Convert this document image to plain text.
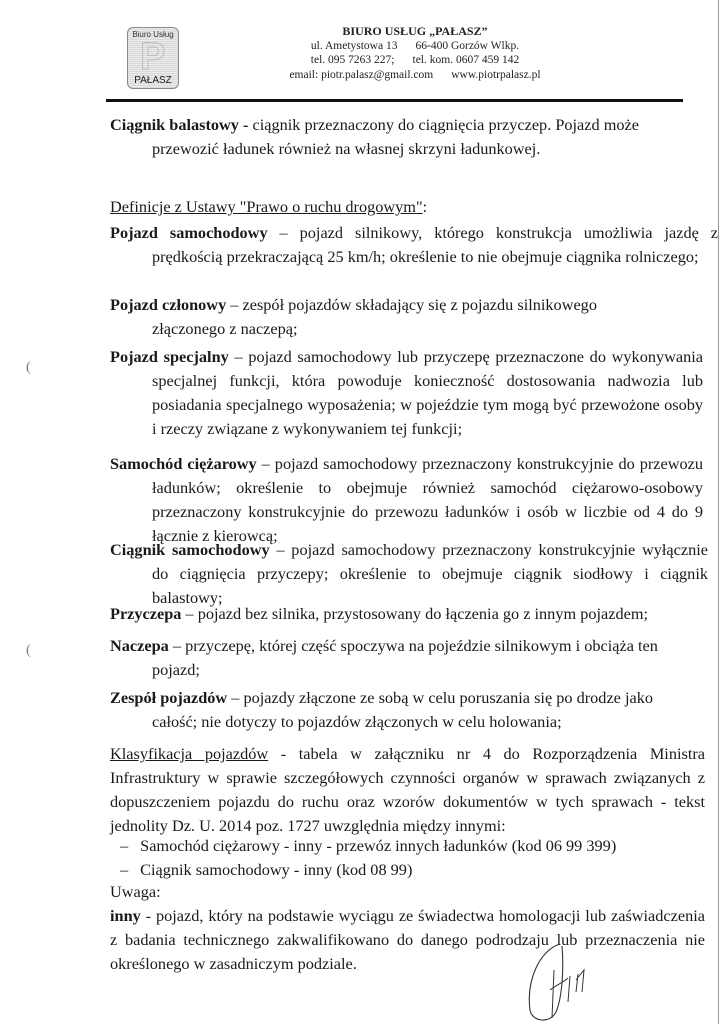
(
(
Biuro Usług
P
PAŁASZ
BIURO USŁUG „PAŁASZ”
ul. Ametystowa 13 66-400 Gorzów Wlkp.
tel. 095 7263 227; tel. kom. 0607 459 142
email: piotr.palasz@gmail.com www.piotrpalasz.pl

Ciągnik balastowy - ciągnik przeznaczony do ciągnięcia przyczep. Pojazd może przewozić ładunek również na własnej skrzyni ładunkowej.

Definicje z Ustawy "Prawo o ruchu drogowym":

Pojazd samochodowy – pojazd silnikowy, którego konstrukcja umożliwia jazdę z prędkością przekraczającą 25 km/h; określenie to nie obejmuje ciągnika rolniczego;

Pojazd członowy – zespół pojazdów składający się z pojazdu silnikowego złączonego z naczepą;

Pojazd specjalny – pojazd samochodowy lub przyczepę przeznaczone do wykonywania specjalnej funkcji, która powoduje konieczność dostosowania nadwozia lub posiadania specjalnego wyposażenia; w pojeździe tym mogą być przewożone osoby i rzeczy związane z wykonywaniem tej funkcji;

Samochód ciężarowy – pojazd samochodowy przeznaczony konstrukcyjnie do przewozu ładunków; określenie to obejmuje również samochód ciężarowo-osobowy przeznaczony konstrukcyjnie do przewozu ładunków i osób w liczbie od 4 do 9 łącznie z kierowcą;

Ciągnik samochodowy – pojazd samochodowy przeznaczony konstrukcyjnie wyłącznie do ciągnięcia przyczepy; określenie to obejmuje ciągnik siodłowy i ciągnik balastowy;

Przyczepa – pojazd bez silnika, przystosowany do łączenia go z innym pojazdem;

Naczepa – przyczepę, której część spoczywa na pojeździe silnikowym i obciąża ten pojazd;

Zespół pojazdów – pojazdy złączone ze sobą w celu poruszania się po drodze jako całość; nie dotyczy to pojazdów złączonych w celu holowania;

Klasyfikacja pojazdów - tabela w załączniku nr 4 do Rozporządzenia Ministra Infrastruktury w sprawie szczegółowych czynności organów w sprawach związanych z dopuszczeniem pojazdu do ruchu oraz wzorów dokumentów w tych sprawach - tekst jednolity Dz. U. 2014 poz. 1727 uwzględnia między innymi:

– Samochód ciężarowy - inny - przewóz innych ładunków (kod 06 99 399)
– Ciągnik samochodowy - inny (kod 08 99)

Uwaga:

inny - pojazd, który na podstawie wyciągu ze świadectwa homologacji lub zaświadczenia z badania technicznego zakwalifikowano do danego podrodzaju lub przeznaczenia nie określonego w zasadniczym podziale.
